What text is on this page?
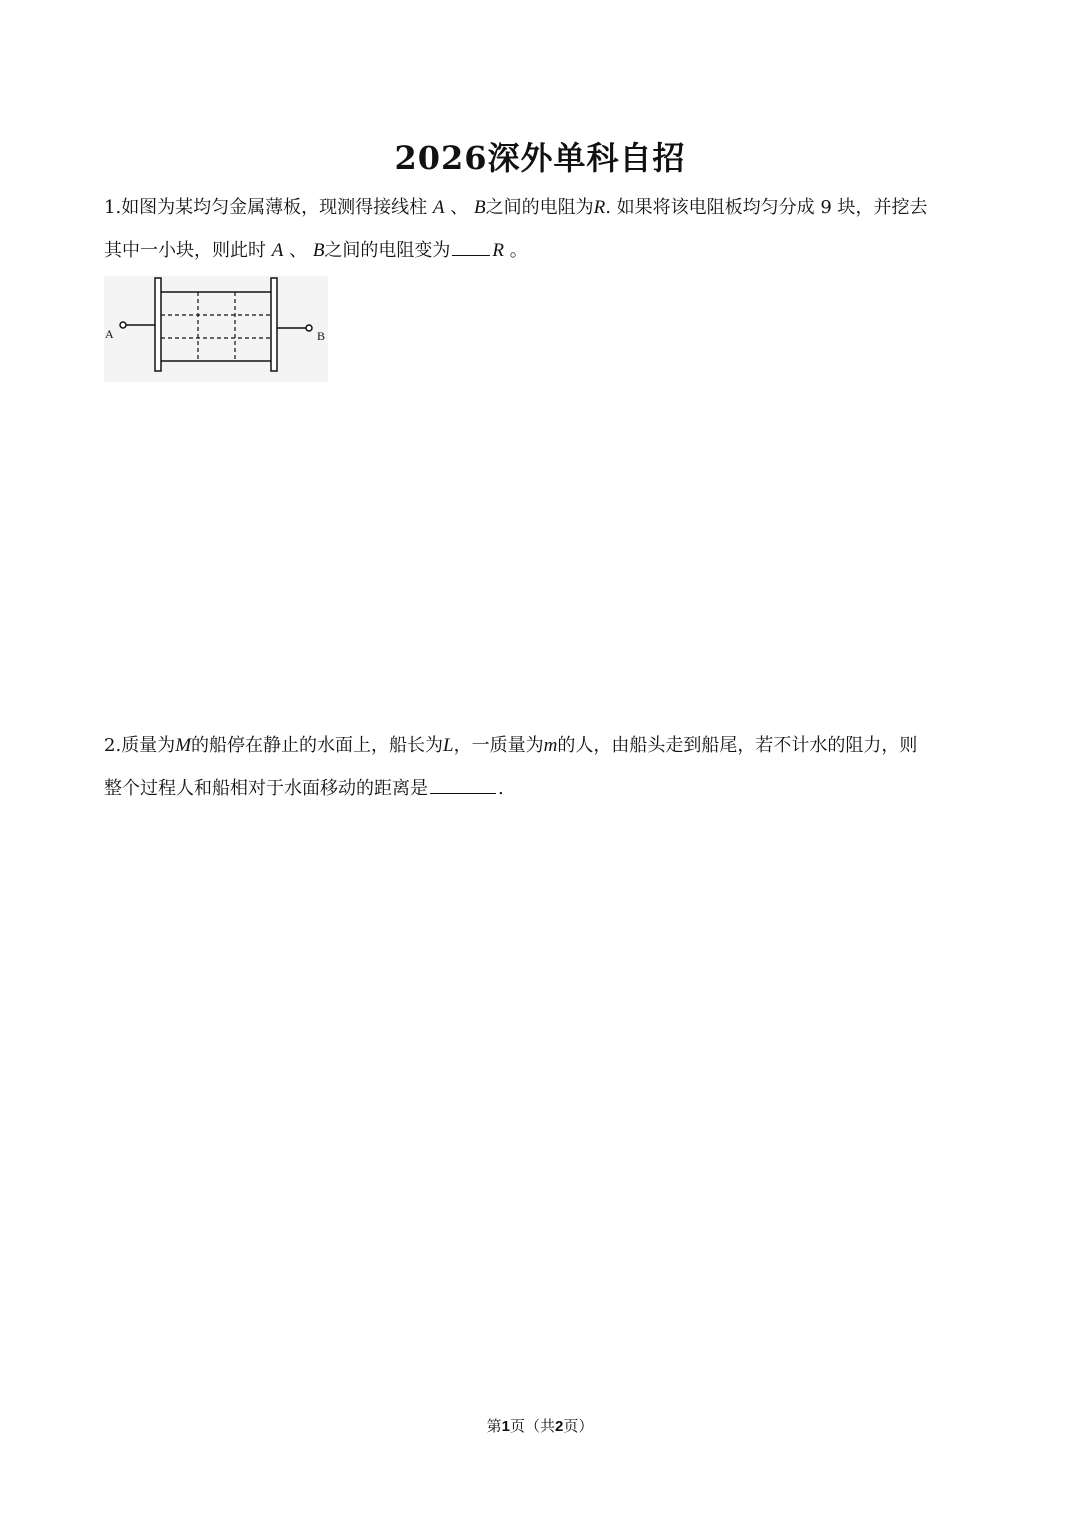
2026深外单科自招
1.如图为某均匀金属薄板，现测得接线柱 A 、 B之间的电阻为R. 如果将该电阻板均匀分成 9 块，并挖去
其中一小块，则此时 A 、 B之间的电阻变为 R 。
A	B
2.质量为M的船停在静止的水面上，船长为L，一质量为m的人，由船头走到船尾，若不计水的阻力，则
整个过程人和船相对于水面移动的距离是	.
第1页（共2页）
